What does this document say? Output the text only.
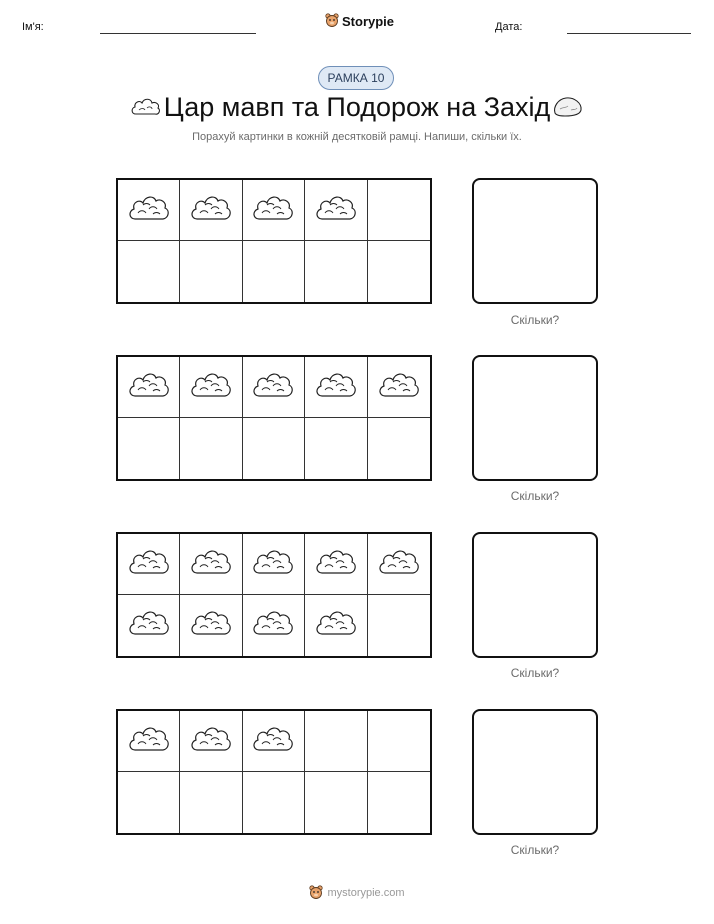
Ім'я:	Storypie	Дата:
РАМКА 10
Цар мавп та Подорож на Захід
Порахуй картинки в кожній десятковій рамці. Напиши, скільки їх.
Скільки?
Скільки?
Скільки?
Скільки?
mystorypie.com
